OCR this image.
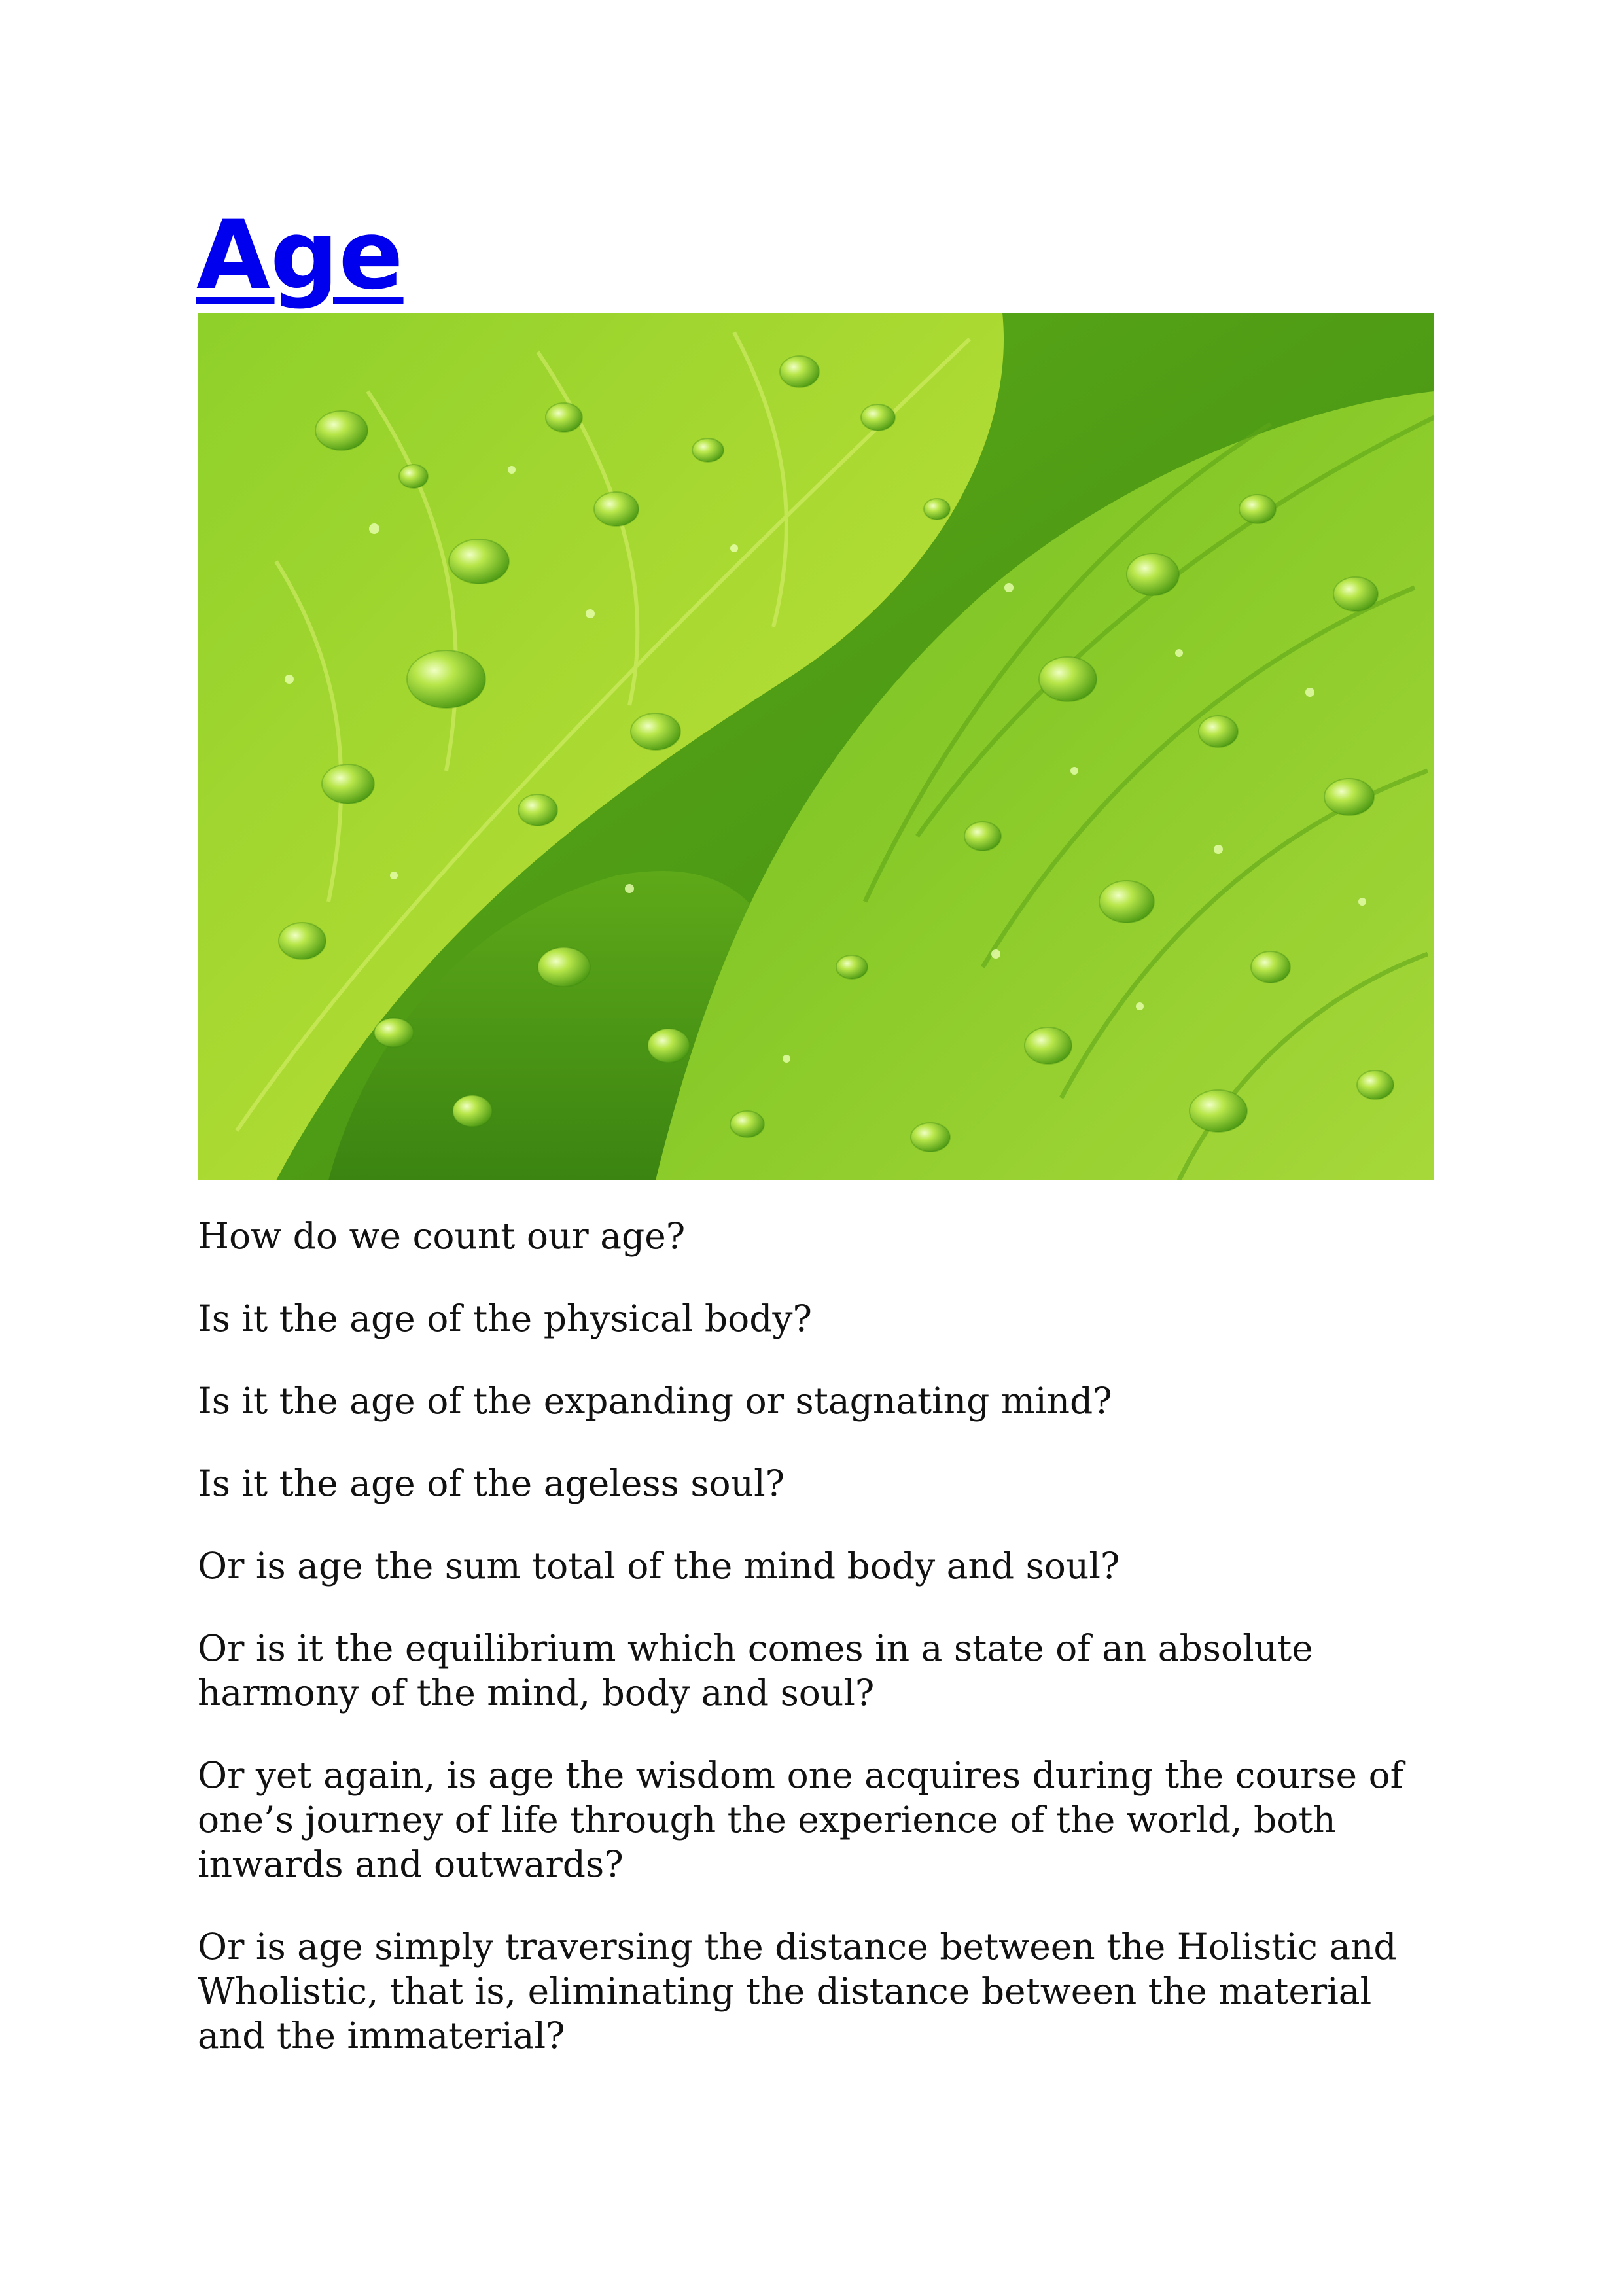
Age

How do we count our age?

Is it the age of the physical body?

Is it the age of the expanding or stagnating mind?

Is it the age of the ageless soul?

Or is age the sum total of the mind body and soul?

Or is it the equilibrium which comes in a state of an absolute harmony of the mind, body and soul?

Or yet again, is age the wisdom one acquires during the course of one’s journey of life through the experience of the world, both inwards and outwards?

Or is age simply traversing the distance between the Holistic and Wholistic, that is, eliminating the distance between the material and the immaterial?
